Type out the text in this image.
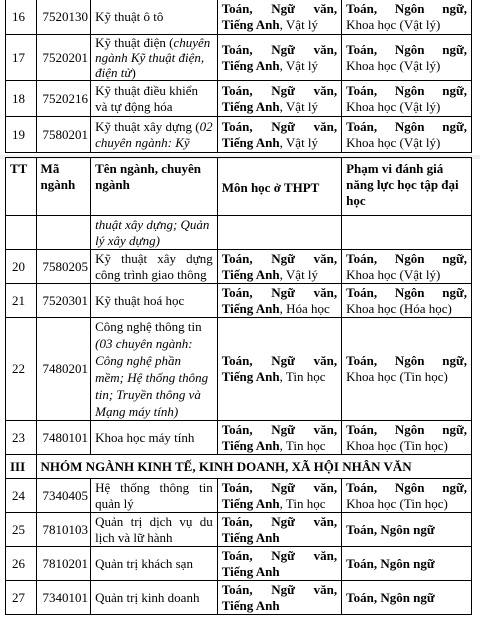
16	7520130	Kỹ thuật ô tô	Toán, Ngữ văn,
Tiếng Anh, Vật lý	Toán, Ngôn ngữ,
Khoa học (Vật lý)
17	7520201	Kỹ thuật điện (chuyên ngành Kỹ thuật điện, điện tử)	Toán, Ngữ văn,
Tiếng Anh, Vật lý	Toán, Ngôn ngữ,
Khoa học (Vật lý)
18	7520216	Kỹ thuật điều khiển và tự động hóa	Toán, Ngữ văn,
Tiếng Anh, Vật lý	Toán, Ngôn ngữ,
Khoa học (Vật lý)
19	7580201	Kỹ thuật xây dựng (02 chuyên ngành: Kỹ	Toán, Ngữ văn,
Tiếng Anh, Vật lý	Toán, Ngôn ngữ,
Khoa học (Vật lý)
TT	Mã ngành	Tên ngành, chuyên ngành	Môn học ở THPT	Phạm vi đánh giá năng lực học tập đại học
		thuật xây dựng; Quản lý xây dựng)		
20	7580205	Kỹ thuật xây dựng công trình giao thông	Toán, Ngữ văn,
Tiếng Anh, Vật lý	Toán, Ngôn ngữ,
Khoa học (Vật lý)
21	7520301	Kỹ thuật hoá học	Toán, Ngữ văn,
Tiếng Anh, Hóa học	Toán, Ngôn ngữ,
Khoa học (Hóa học)
22	7480201	Công nghệ thông tin
(03 chuyên ngành: Công nghệ phần mềm; Hệ thống thông tin; Truyền thông và Mạng máy tính)	Toán, Ngữ văn,
Tiếng Anh, Tin học	Toán, Ngôn ngữ,
Khoa học (Tin học)
23	7480101	Khoa học máy tính	Toán, Ngữ văn,
Tiếng Anh, Tin học	Toán, Ngôn ngữ,
Khoa học (Tin học)
III	NHÓM NGÀNH KINH TẾ, KINH DOANH, XÃ HỘI NHÂN VĂN			
24	7340405	Hệ thống thông tin quản lý	Toán, Ngữ văn,
Tiếng Anh, Tin học	Toán, Ngôn ngữ,
Khoa học (Tin học)
25	7810103	Quản trị dịch vụ du lịch và lữ hành	Toán, Ngữ văn,
Tiếng Anh	Toán, Ngôn ngữ
26	7810201	Quản trị khách sạn	Toán, Ngữ văn,
Tiếng Anh	Toán, Ngôn ngữ
27	7340101	Quản trị kinh doanh	Toán, Ngữ văn,
Tiếng Anh	Toán, Ngôn ngữ
